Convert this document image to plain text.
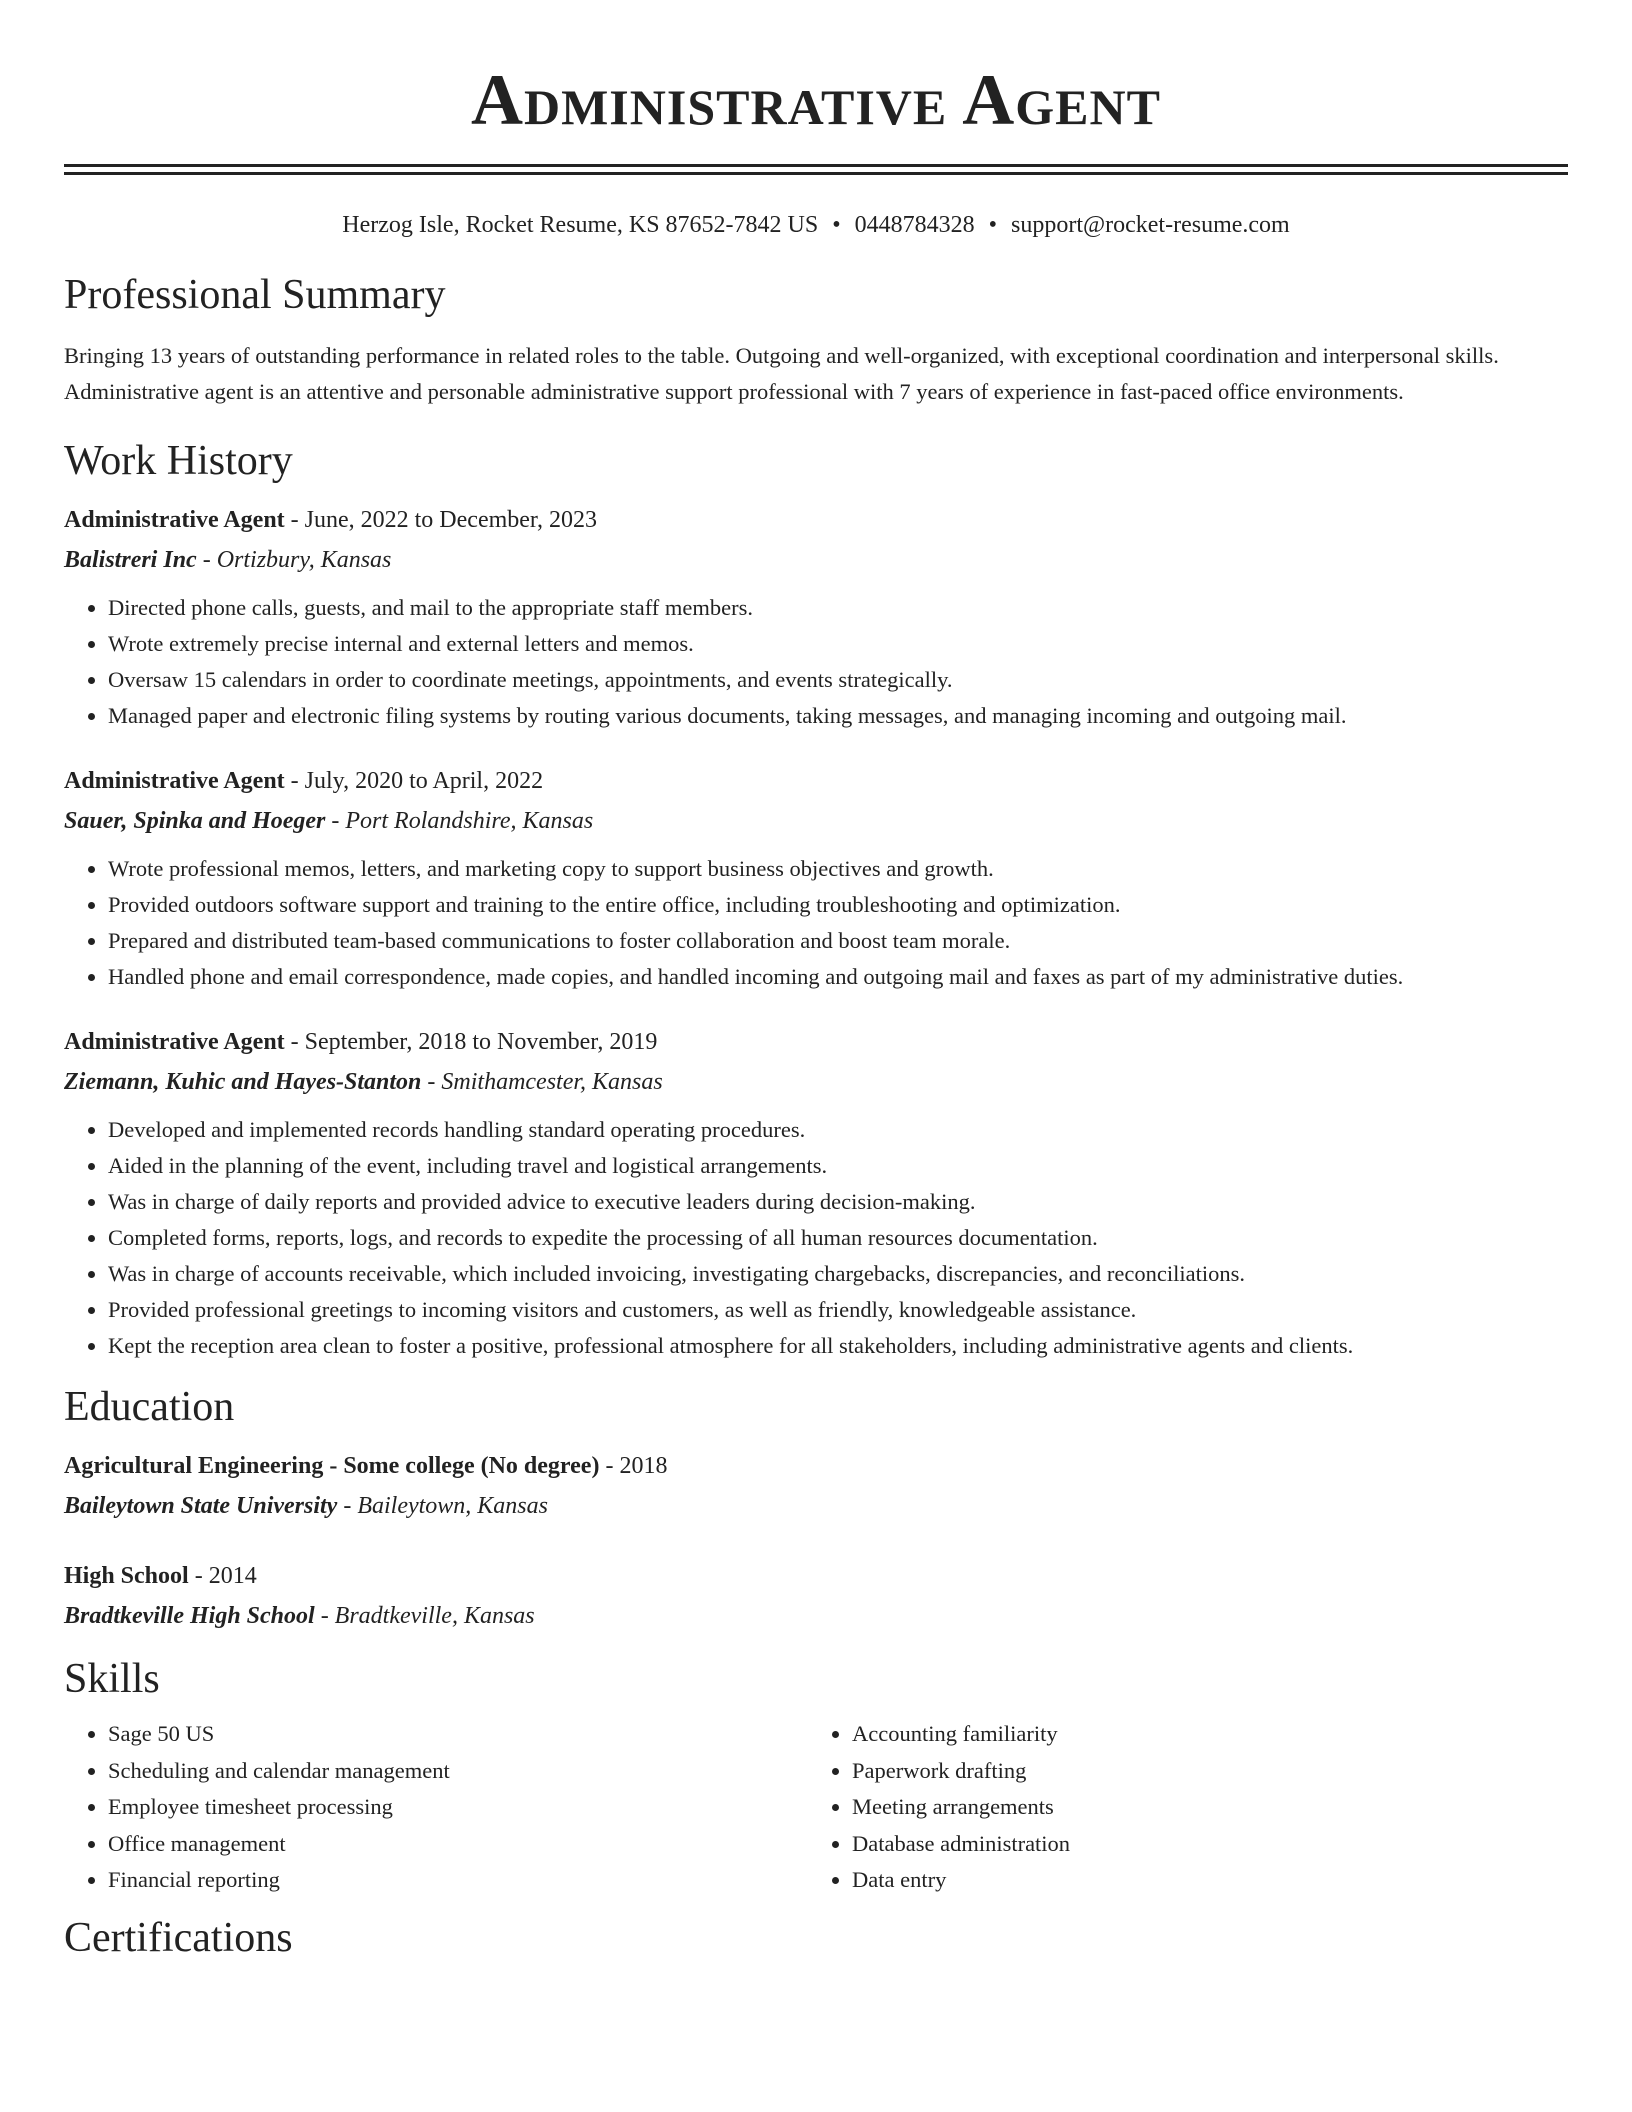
Administrative Agent
Herzog Isle, Rocket Resume, KS 87652-7842 US • 0448784328 • support@rocket-resume.com
Professional Summary

Bringing 13 years of outstanding performance in related roles to the table. Outgoing and well-organized, with exceptional coordination and interpersonal skills. Administrative agent is an attentive and personable administrative support professional with 7 years of experience in fast-paced office environments.

Work History
Administrative Agent - June, 2022 to December, 2023
Balistreri Inc - Ortizbury, Kansas
• Directed phone calls, guests, and mail to the appropriate staff members.
• Wrote extremely precise internal and external letters and memos.
• Oversaw 15 calendars in order to coordinate meetings, appointments, and events strategically.
• Managed paper and electronic filing systems by routing various documents, taking messages, and managing incoming and outgoing mail.
Administrative Agent - July, 2020 to April, 2022
Sauer, Spinka and Hoeger - Port Rolandshire, Kansas
• Wrote professional memos, letters, and marketing copy to support business objectives and growth.
• Provided outdoors software support and training to the entire office, including troubleshooting and optimization.
• Prepared and distributed team-based communications to foster collaboration and boost team morale.
• Handled phone and email correspondence, made copies, and handled incoming and outgoing mail and faxes as part of my administrative duties.
Administrative Agent - September, 2018 to November, 2019
Ziemann, Kuhic and Hayes-Stanton - Smithamcester, Kansas
• Developed and implemented records handling standard operating procedures.
• Aided in the planning of the event, including travel and logistical arrangements.
• Was in charge of daily reports and provided advice to executive leaders during decision-making.
• Completed forms, reports, logs, and records to expedite the processing of all human resources documentation.
• Was in charge of accounts receivable, which included invoicing, investigating chargebacks, discrepancies, and reconciliations.
• Provided professional greetings to incoming visitors and customers, as well as friendly, knowledgeable assistance.
• Kept the reception area clean to foster a positive, professional atmosphere for all stakeholders, including administrative agents and clients.
Education
Agricultural Engineering - Some college (No degree) - 2018
Baileytown State University - Baileytown, Kansas
High School - 2014
Bradtkeville High School - Bradtkeville, Kansas
Skills
• Sage 50 US
• Scheduling and calendar management
• Employee timesheet processing
• Office management
• Financial reporting
• Accounting familiarity
• Paperwork drafting
• Meeting arrangements
• Database administration
• Data entry
Certifications
